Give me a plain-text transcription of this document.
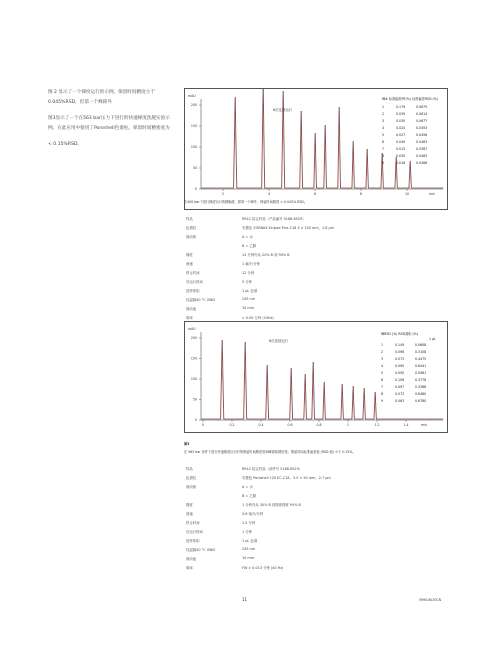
图 2 显示了一个梯度运行的示例。保留时间精度小于 0.045%RSD，但第一个峰除外

图3显示了一个在563 bar压力下进行的快速梯度洗脱实验示例。在此应用中使用了Poroshell色谱柱。保留时间精密度为

< 0.15%RSD。

mAU
200
150
100
50
0
2	4	6	8	10	min
6次连续运行
峰# 标准偏差RT(%) 标准偏差RSD (%)
1	0.179	0.0675
2	0.039	0.0614
3	0.030	0.0677
4	0.024	0.0453
5	0.027	0.0456
6	0.040	0.0483
7	0.013	0.0387
8	0.030	0.0483
9	0.016	0.0466
在400 bar下进行梯度运行的精确度，除第一个峰外，保留时间精度 < 0.045% RSD。
样品	RRLC 检定样品（产品编号 5188-6529）
色谱柱	安捷伦 ZORBAX Eclipse Plus C18 3 × 100 mm，1.8 µm
流动相	A = 水
B = 乙腈
梯度	12 分钟内从 20% B 到 90% B
流速	1 毫升/分钟
停止时间	12 分钟
后运行时间	5 分钟
进样体积	1 µL 色谱
柱温箱40 °C VWD	245 nm
流动池	10 mm
频率	> 0.05 分钟 (10Hz)
mAU
200
150
100
50
0
0	0.2	0.4	0.6	0.8	1	1.2	1.4	min
6次连续运行
峰RSD (%) RSD面积 (%)
1 µL
1	0.149	0.0608
2	0.096	0.3108
3	0.073	0.4475
4	0.090	0.6441
5	0.050	0.0981
6	0.106	0.3778
7	0.097	0.3388
8	0.073	0.6480
9	0.063	0.6780
图3
在 563 bar 条件下进行快速梯度运行时的保留时间精密度和峰面积精密度。保留时间标准偏差值 (RSD 值) 小于 0.15%。
样品	RRLC 检定样品（部件号 5188-6529）
色谱柱	安捷伦 Poroshell 120 EC-C18，3.0 × 50 mm，2.7 µm
流动相	A = 水
B = 乙腈
梯度	1 分钟内从 30% B 到梯度梯度 95% B
流速	3.6 毫升/分钟
停止时间	1.5 分钟
后运行时间	1 分钟
进样体积	1 µL 色谱
柱温箱40 °C VWD	245 nm
流动池	10 mm
频率	FW > 0.013 分钟 (40 Hz)
11	5990-6020CN
